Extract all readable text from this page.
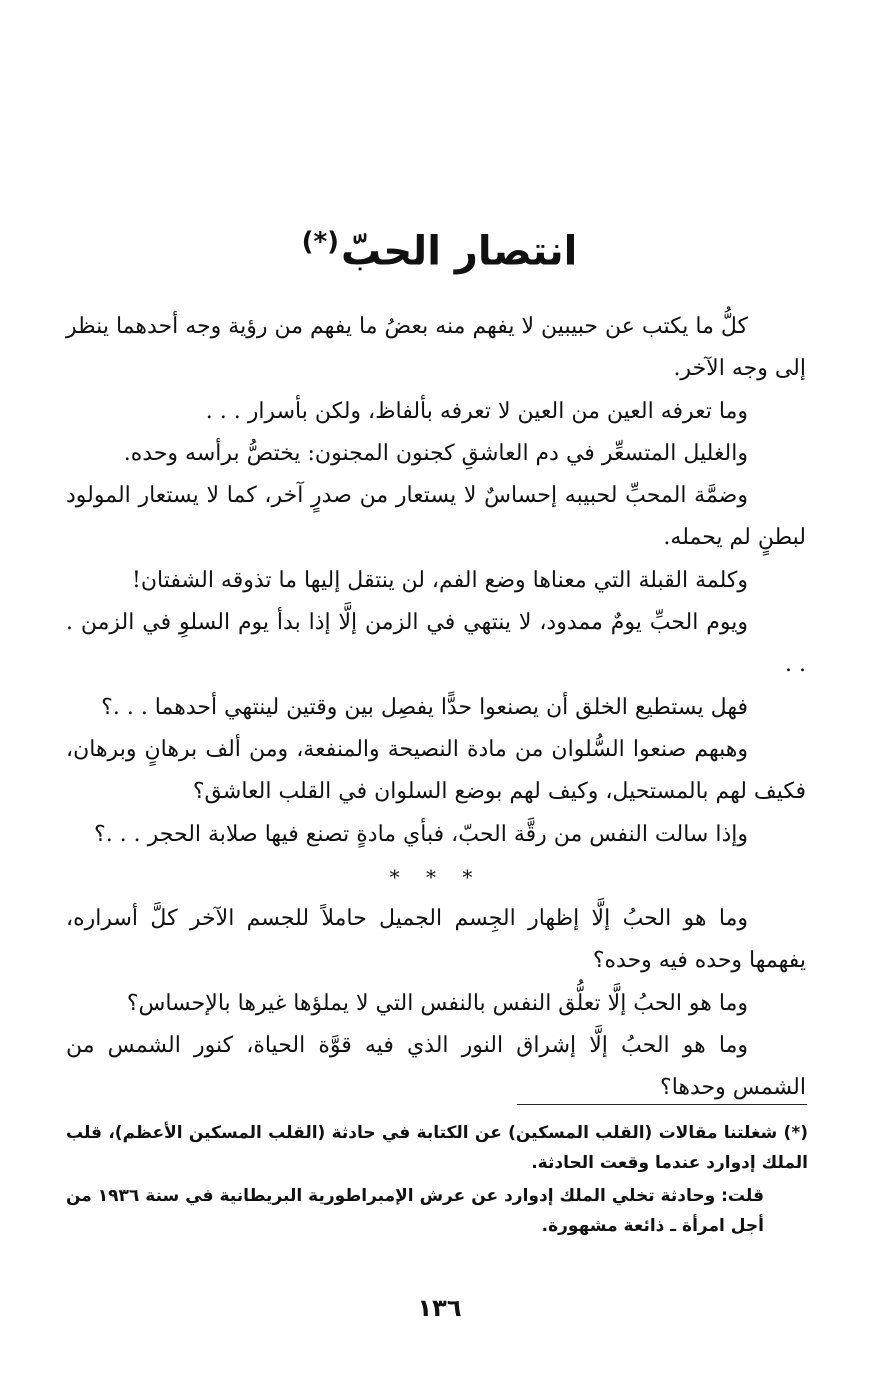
انتصار الحبّ(*)

كلُّ ما يكتب عن حبيبين لا يفهم منه بعضُ ما يفهم من رؤية وجه أحدهما ينظر إلى وجه الآخر.

وما تعرفه العين من العين لا تعرفه بألفاظ، ولكن بأسرار . . .

والغليل المتسعِّر في دم العاشقِ كجنون المجنون: يختصُّ برأسه وحده.

وضمَّة المحبِّ لحبيبه إحساسٌ لا يستعار من صدرٍ آخر، كما لا يستعار المولود لبطنٍ لم يحمله.

وكلمة القبلة التي معناها وضع الفم، لن ينتقل إليها ما تذوقه الشفتان!

ويوم الحبِّ يومٌ ممدود، لا ينتهي في الزمن إلَّا إذا بدأ يوم السلوِ في الزمن . . .

فهل يستطيع الخلق أن يصنعوا حدًّا يفصِل بين وقتين لينتهي أحدهما . . .؟

وهبهم صنعوا السُّلوان من مادة النصيحة والمنفعة، ومن ألف برهانٍ وبرهان، فكيف لهم بالمستحيل، وكيف لهم بوضع السلوان في القلب العاشق؟

وإذا سالت النفس من رقَّة الحبّ، فبأي مادةٍ تصنع فيها صلابة الحجر . . .؟

* * *

وما هو الحبُ إلَّا إظهار الجِسم الجميل حاملاً للجسم الآخر كلَّ أسراره، يفهمها وحده فيه وحده؟

وما هو الحبُ إلَّا تعلُّق النفس بالنفس التي لا يملؤها غيرها بالإحساس؟

وما هو الحبُ إلَّا إشراق النور الذي فيه قوَّة الحياة، كنور الشمس من الشمس وحدها؟

(*) شغلتنا مقالات (القلب المسكين) عن الكتابة في حادثة (القلب المسكين الأعظم)، قلب الملك إدوارد عندما وقعت الحادثة.

قلت: وحادثة تخلي الملك إدوارد عن عرش الإمبراطورية البريطانية في سنة ١٩٣٦ من أجل امرأة ـ ذائعة مشهورة.

١٣٦
